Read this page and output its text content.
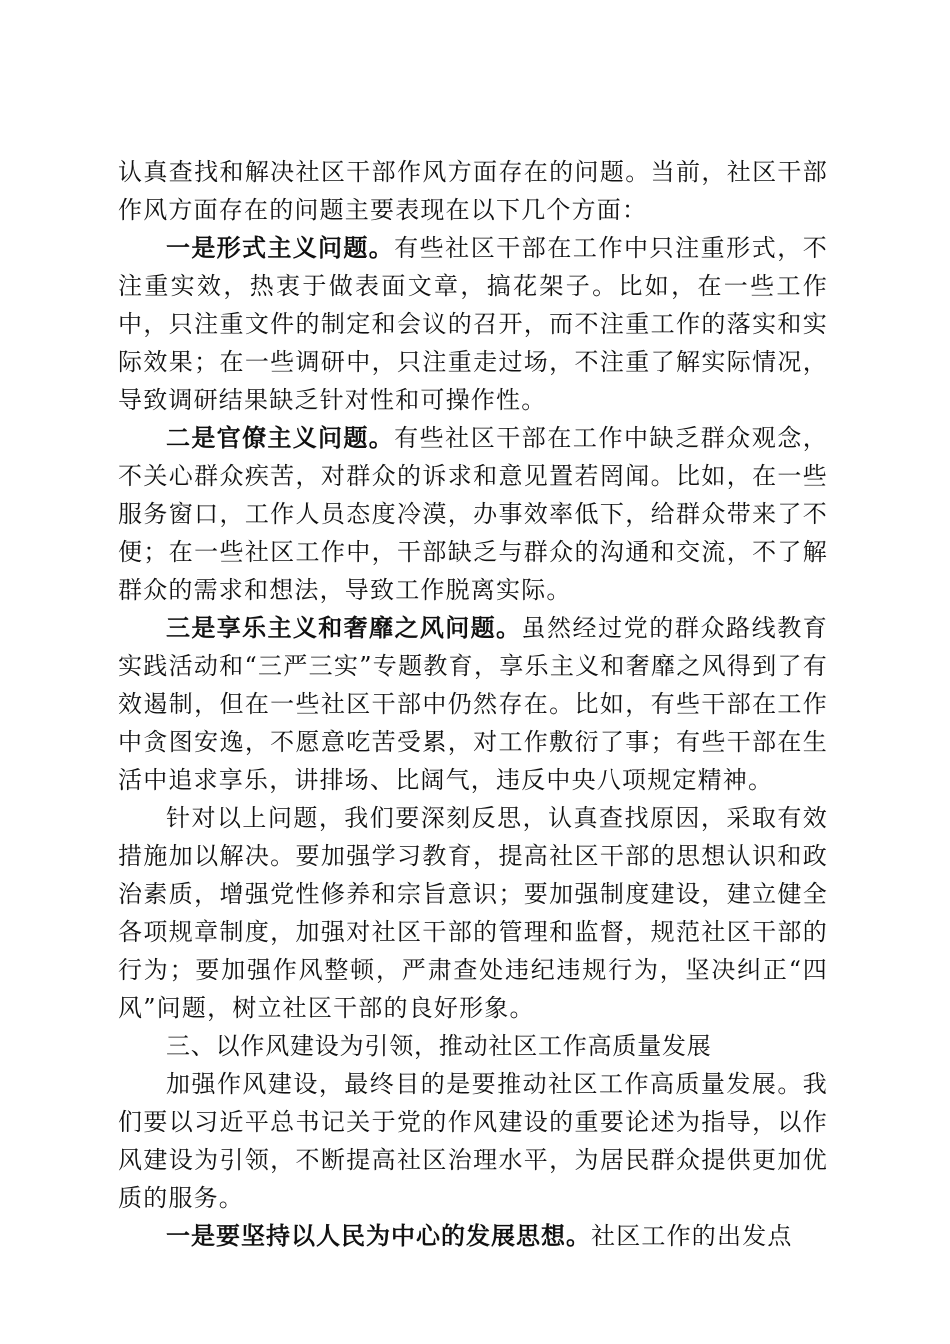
认真查找和解决社区干部作风方面存在的问题。当前，社区干部作风方面存在的问题主要表现在以下几个方面：

一是形式主义问题。有些社区干部在工作中只注重形式，不注重实效，热衷于做表面文章，搞花架子。比如，在一些工作中，只注重文件的制定和会议的召开，而不注重工作的落实和实际效果；在一些调研中，只注重走过场，不注重了解实际情况，导致调研结果缺乏针对性和可操作性。

二是官僚主义问题。有些社区干部在工作中缺乏群众观念，不关心群众疾苦，对群众的诉求和意见置若罔闻。比如，在一些服务窗口，工作人员态度冷漠，办事效率低下，给群众带来了不便；在一些社区工作中，干部缺乏与群众的沟通和交流，不了解群众的需求和想法，导致工作脱离实际。

三是享乐主义和奢靡之风问题。虽然经过党的群众路线教育实践活动和“三严三实”专题教育，享乐主义和奢靡之风得到了有效遏制，但在一些社区干部中仍然存在。比如，有些干部在工作中贪图安逸，不愿意吃苦受累，对工作敷衍了事；有些干部在生活中追求享乐，讲排场、比阔气，违反中央八项规定精神。

针对以上问题，我们要深刻反思，认真查找原因，采取有效措施加以解决。要加强学习教育，提高社区干部的思想认识和政治素质，增强党性修养和宗旨意识；要加强制度建设，建立健全各项规章制度，加强对社区干部的管理和监督，规范社区干部的行为；要加强作风整顿，严肃查处违纪违规行为，坚决纠正“四风”问题，树立社区干部的良好形象。

三、以作风建设为引领，推动社区工作高质量发展

加强作风建设，最终目的是要推动社区工作高质量发展。我们要以习近平总书记关于党的作风建设的重要论述为指导，以作风建设为引领，不断提高社区治理水平，为居民群众提供更加优质的服务。

一是要坚持以人民为中心的发展思想。社区工作的出发点
